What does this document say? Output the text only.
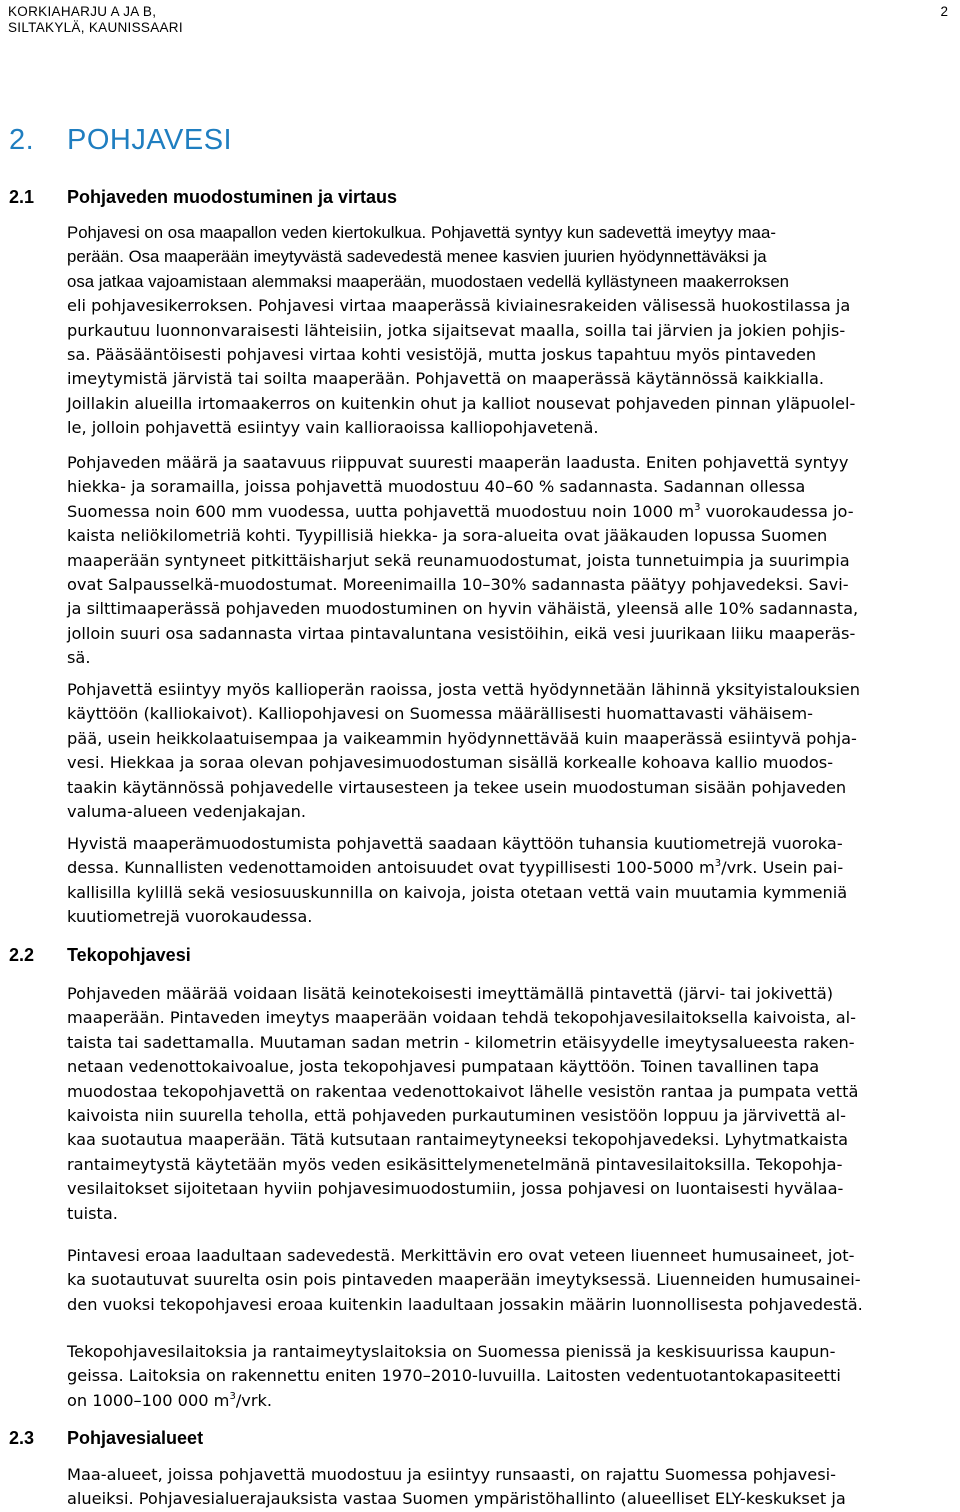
KORKIAHARJU A JA B,
SILTAKYLÄ, KAUNISSAARI
2
2. POHJAVESI
2.1 Pohjaveden muodostuminen ja virtaus
Pohjavesi on osa maapallon veden kiertokulkua. Pohjavettä syntyy kun sadevettä imeytyy maa-
perään. Osa maaperään imeytyvästä sadevedestä menee kasvien juurien hyödynnettäväksi ja
osa jatkaa vajoamistaan alemmaksi maaperään, muodostaen vedellä kyllästyneen maakerroksen
eli pohjavesikerroksen. Pohjavesi virtaa maaperässä kiviainesrakeiden välisessä huokostilassa ja
purkautuu luonnonvaraisesti lähteisiin, jotka sijaitsevat maalla, soilla tai järvien ja jokien pohjis-
sa. Pääsääntöisesti pohjavesi virtaa kohti vesistöjä, mutta joskus tapahtuu myös pintaveden
imeytymistä järvistä tai soilta maaperään. Pohjavettä on maaperässä käytännössä kaikkialla.
Joillakin alueilla irtomaakerros on kuitenkin ohut ja kalliot nousevat pohjaveden pinnan yläpuolel-
le, jolloin pohjavettä esiintyy vain kallioraoissa kalliopohjavetenä.
Pohjaveden määrä ja saatavuus riippuvat suuresti maaperän laadusta. Eniten pohjavettä syntyy
hiekka- ja soramailla, joissa pohjavettä muodostuu 40–60 % sadannasta. Sadannan ollessa
Suomessa noin 600 mm vuodessa, uutta pohjavettä muodostuu noin 1000 $m^3$ vuorokaudessa jo-
kaista neliökilometriä kohti. Tyypillisiä hiekka- ja sora-alueita ovat jääkauden lopussa Suomen
maaperään syntyneet pitkittäisharjut sekä reunamuodostumat, joista tunnetuimpia ja suurimpia
ovat Salpausselkä-muodostumat. Moreenimailla 10–30% sadannasta päätyy pohjavedeksi. Savi-
ja silttimaaperässä pohjaveden muodostuminen on hyvin vähäistä, yleensä alle 10% sadannasta,
jolloin suuri osa sadannasta virtaa pintavaluntana vesistöihin, eikä vesi juurikaan liiku maaperäs-
sä.
Pohjavettä esiintyy myös kallioperän raoissa, josta vettä hyödynnetään lähinnä yksityistalouksien
käyttöön (kalliokaivot). Kalliopohjavesi on Suomessa määrällisesti huomattavasti vähäisem-
pää, usein heikkolaatuisempaa ja vaikeammin hyödynnettävää kuin maaperässä esiintyvä pohja-
vesi. Hiekkaa ja soraa olevan pohjavesimuodostuman sisällä korkealle kohoava kallio muodos-
taakin käytännössä pohjavedelle virtausesteen ja tekee usein muodostuman sisään pohjaveden
valuma-alueen vedenjakajan.
Hyvistä maaperämuodostumista pohjavettä saadaan käyttöön tuhansia kuutiometrejä vuoroka-
dessa. Kunnallisten vedenottamoiden antoisuudet ovat tyypillisesti 100-5000 $m^3$/vrk. Usein pai-
kallisilla kylillä sekä vesiosuuskunnilla on kaivoja, joista otetaan vettä vain muutamia kymmeniä
kuutiometrejä vuorokaudessa.
2.2 Tekopohjavesi
Pohjaveden määrää voidaan lisätä keinotekoisesti imeyttämällä pintavettä (järvi- tai jokivettä)
maaperään. Pintaveden imeytys maaperään voidaan tehdä tekopohjavesilaitoksella kaivoista, al-
taista tai sadettamalla. Muutaman sadan metrin - kilometrin etäisyydelle imeytysalueesta raken-
netaan vedenottokaivoalue, josta tekopohjavesi pumpataan käyttöön. Toinen tavallinen tapa
muodostaa tekopohjavettä on rakentaa vedenottokaivot lähelle vesistön rantaa ja pumpata vettä
kaivoista niin suurella teholla, että pohjaveden purkautuminen vesistöön loppuu ja järvivettä al-
kaa suotautua maaperään. Tätä kutsutaan rantaimeytyneeksi tekopohjavedeksi. Lyhytmatkaista
rantaimeytystä käytetään myös veden esikäsittelymenetelmänä pintavesilaitoksilla. Tekopohja-
vesilaitokset sijoitetaan hyviin pohjavesimuodostumiin, jossa pohjavesi on luontaisesti hyvälaa-
tuista.
Pintavesi eroaa laadultaan sadevedestä. Merkittävin ero ovat veteen liuenneet humusaineet, jot-
ka suotautuvat suurelta osin pois pintaveden maaperään imeytyksessä. Liuenneiden humusainei-
den vuoksi tekopohjavesi eroaa kuitenkin laadultaan jossakin määrin luonnollisesta pohjavedestä.
Tekopohjavesilaitoksia ja rantaimeytyslaitoksia on Suomessa pienissä ja keskisuurissa kaupun-
geissa. Laitoksia on rakennettu eniten 1970–2010-luvuilla. Laitosten vedentuotantokapasiteetti
on 1000–100 000 $m^3$/vrk.
2.3 Pohjavesialueet
Maa-alueet, joissa pohjavettä muodostuu ja esiintyy runsaasti, on rajattu Suomessa pohjavesi-
alueiksi. Pohjavesialuerajauksista vastaa Suomen ympäristöhallinto (alueelliset ELY-keskukset ja
